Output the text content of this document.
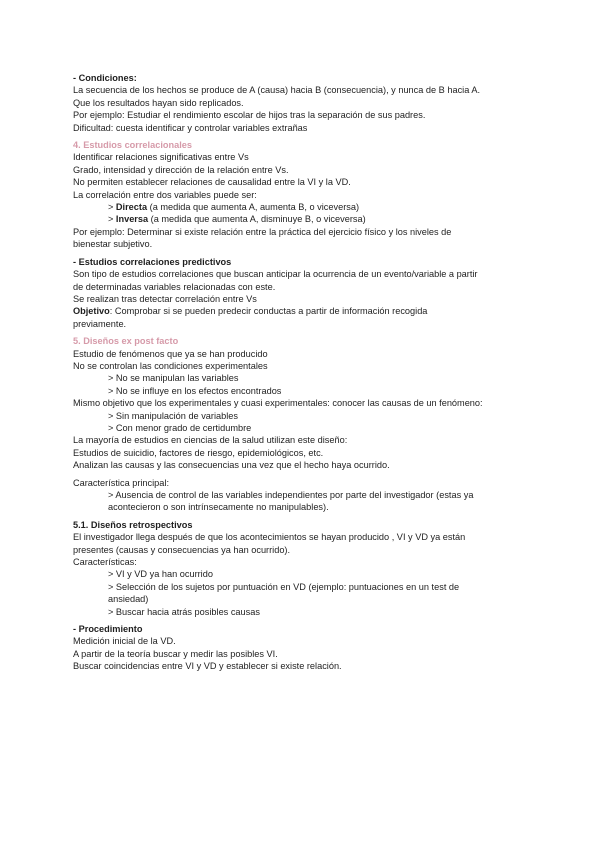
- Condiciones:
La secuencia de los hechos se produce de A (causa) hacia B (consecuencia), y nunca de B hacia A.
Que los resultados hayan sido replicados.
Por ejemplo: Estudiar el rendimiento escolar de hijos tras la separación de sus padres.
Dificultad: cuesta identificar y controlar variables extrañas
4. Estudios correlacionales
Identificar relaciones significativas entre Vs
Grado, intensidad y dirección de la relación entre Vs.
No permiten establecer relaciones de causalidad entre la VI y la VD.
La correlación entre dos variables puede ser:
> Directa (a medida que aumenta A, aumenta B, o viceversa)
> Inversa (a medida que aumenta A, disminuye B, o viceversa)
Por ejemplo: Determinar si existe relación entre la práctica del ejercicio físico y los niveles de
bienestar subjetivo.
- Estudios correlaciones predictivos
Son tipo de estudios correlaciones que buscan anticipar la ocurrencia de un evento/variable a partir
de determinadas variables relacionadas con este.
Se realizan tras detectar correlación entre Vs
Objetivo: Comprobar si se pueden predecir conductas a partir de información recogida
previamente.
5. Diseños ex post facto
Estudio de fenómenos que ya se han producido
No se controlan las condiciones experimentales
> No se manipulan las variables
> No se influye en los efectos encontrados
Mismo objetivo que los experimentales y cuasi experimentales: conocer las causas de un fenómeno:
> Sin manipulación de variables
> Con menor grado de certidumbre
La mayoría de estudios en ciencias de la salud utilizan este diseño:
Estudios de suicidio, factores de riesgo, epidemiológicos, etc.
Analizan las causas y las consecuencias una vez que el hecho haya ocurrido.
Característica principal:
> Ausencia de control de las variables independientes por parte del investigador (estas ya
acontecieron o son intrínsecamente no manipulables).
5.1. Diseños retrospectivos
El investigador llega después de que los acontecimientos se hayan producido , VI y VD ya están
presentes (causas y consecuencias ya han ocurrido).
Características:
> VI y VD ya han ocurrido
> Selección de los sujetos por puntuación en VD (ejemplo: puntuaciones en un test de
ansiedad)
> Buscar hacia atrás posibles causas
- Procedimiento
Medición inicial de la VD.
A partir de la teoría buscar y medir las posibles VI.
Buscar coincidencias entre VI y VD y establecer si existe relación.
